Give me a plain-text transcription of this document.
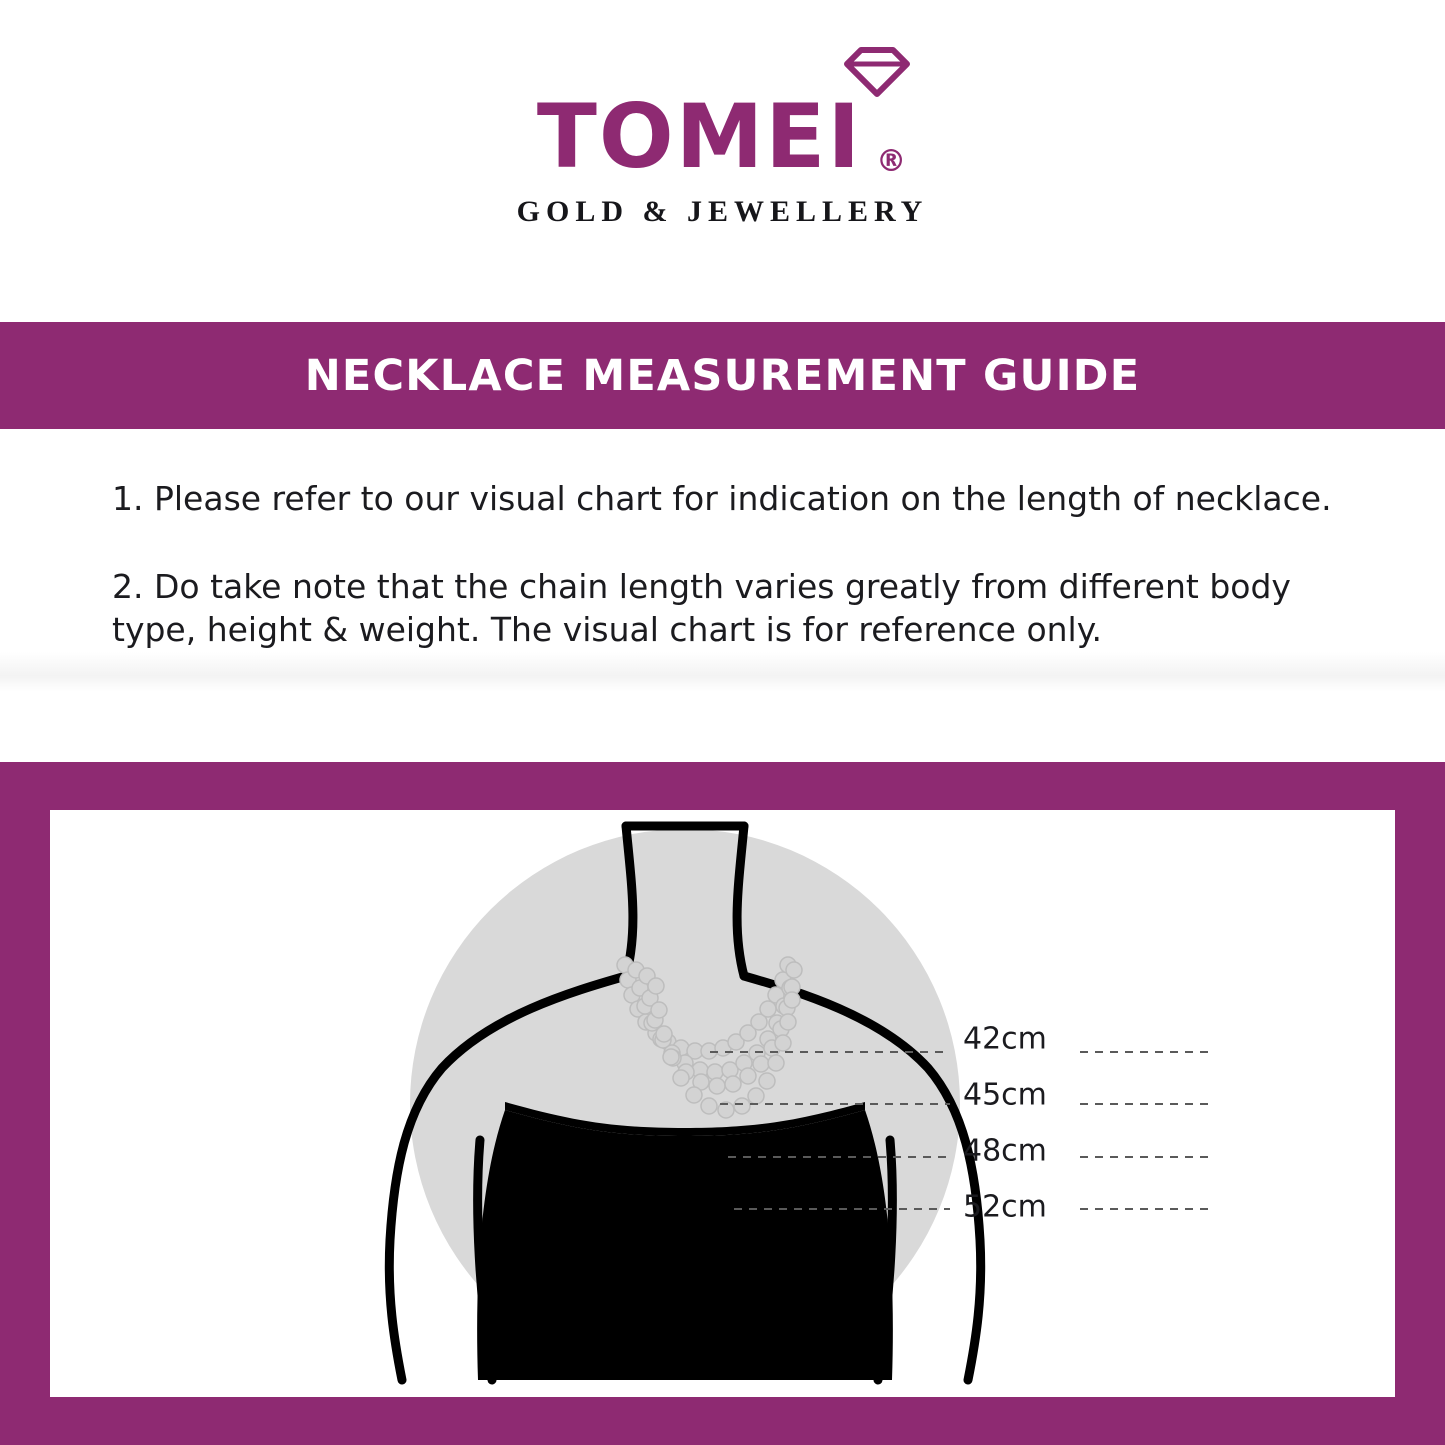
TOMEI ®
GOLD & JEWELLERY
NECKLACE MEASUREMENT GUIDE

1. Please refer to our visual chart for indication on the length of necklace.

2. Do take note that the chain length varies greatly from different body type, height & weight. The visual chart is for reference only.

42cm
45cm
48cm
52cm
